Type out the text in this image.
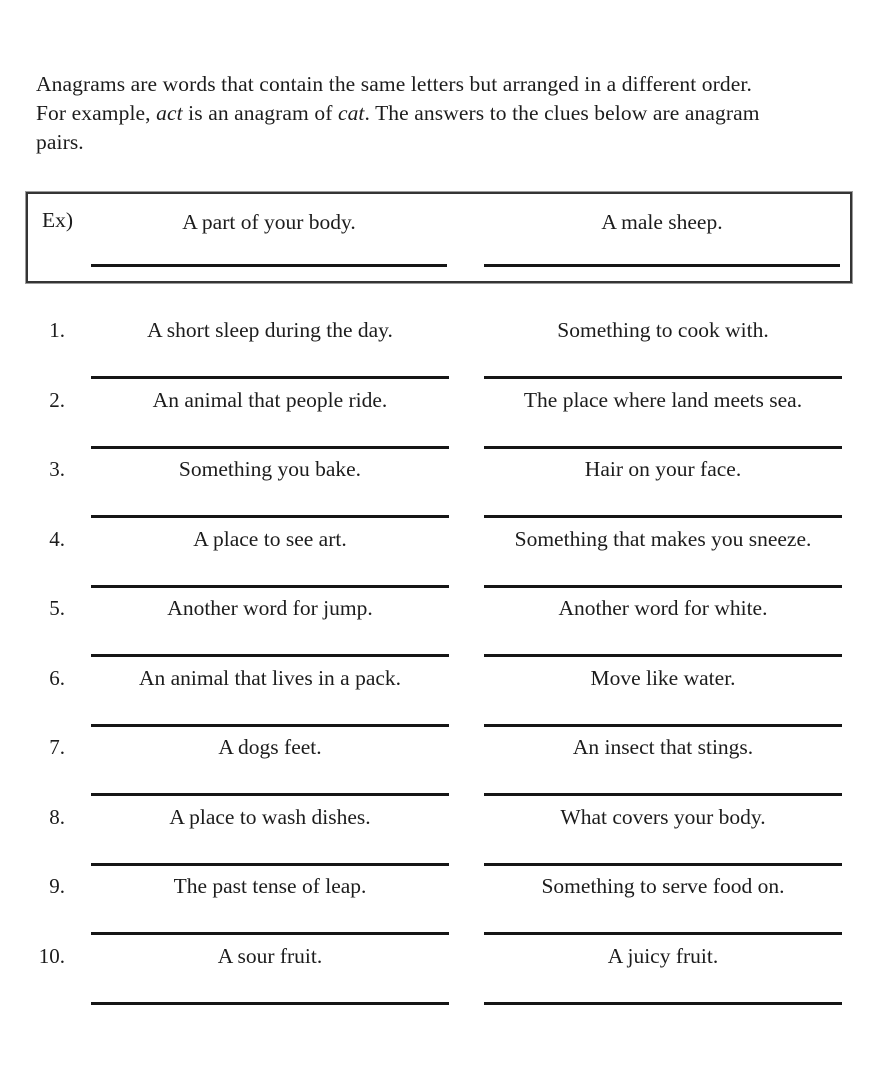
Anagrams are words that contain the same letters but arranged in a different order.
For example, act is an anagram of cat. The answers to the clues below are anagram
pairs.
Ex)	A part of your body.	A male sheep.
1.	A short sleep during the day.	Something to cook with.
2.	An animal that people ride.	The place where land meets sea.
3.	Something you bake.	Hair on your face.
4.	A place to see art.	Something that makes you sneeze.
5.	Another word for jump.	Another word for white.
6.	An animal that lives in a pack.	Move like water.
7.	A dogs feet.	An insect that stings.
8.	A place to wash dishes.	What covers your body.
9.	The past tense of leap.	Something to serve food on.
10.	A sour fruit.	A juicy fruit.
